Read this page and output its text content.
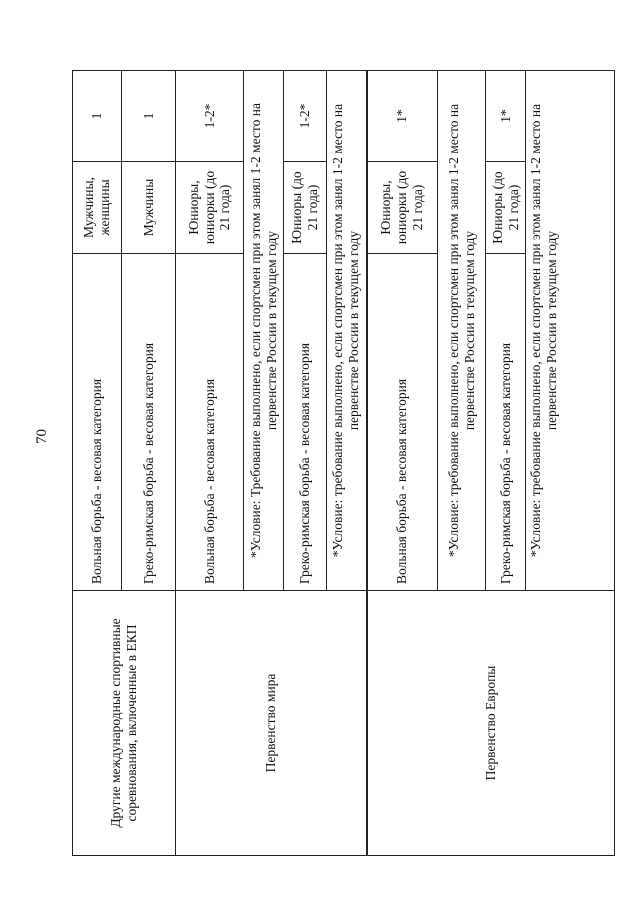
70
Другие международные спортивные соревнования, включенные в ЕКП	Вольная борьба - весовая категория	Мужчины, женщины	1
	Греко-римская борьба - весовая категория	Мужчины	1
Первенство мира	Вольная борьба - весовая категория	Юниоры, юниорки (до 21 года)	1-2*
	*Условие: Требование выполнено, если спортсмен при этом занял 1-2 место на первенстве России в текущем году		
	Греко-римская борьба - весовая категория	Юниоры (до 21 года)	1-2*
	*Условие: требование выполнено, если спортсмен при этом занял 1-2 место на первенстве России в текущем году		
Первенство Европы	Вольная борьба - весовая категория	Юниоры, юниорки (до 21 года)	1*
	*Условие: требование выполнено, если спортсмен при этом занял 1-2 место на первенстве России в текущем году		
	Греко-римская борьба - весовая категория	Юниоры (до 21 года)	1*
	*Условие: требование выполнено, если спортсмен при этом занял 1-2 место на первенстве России в текущем году		
